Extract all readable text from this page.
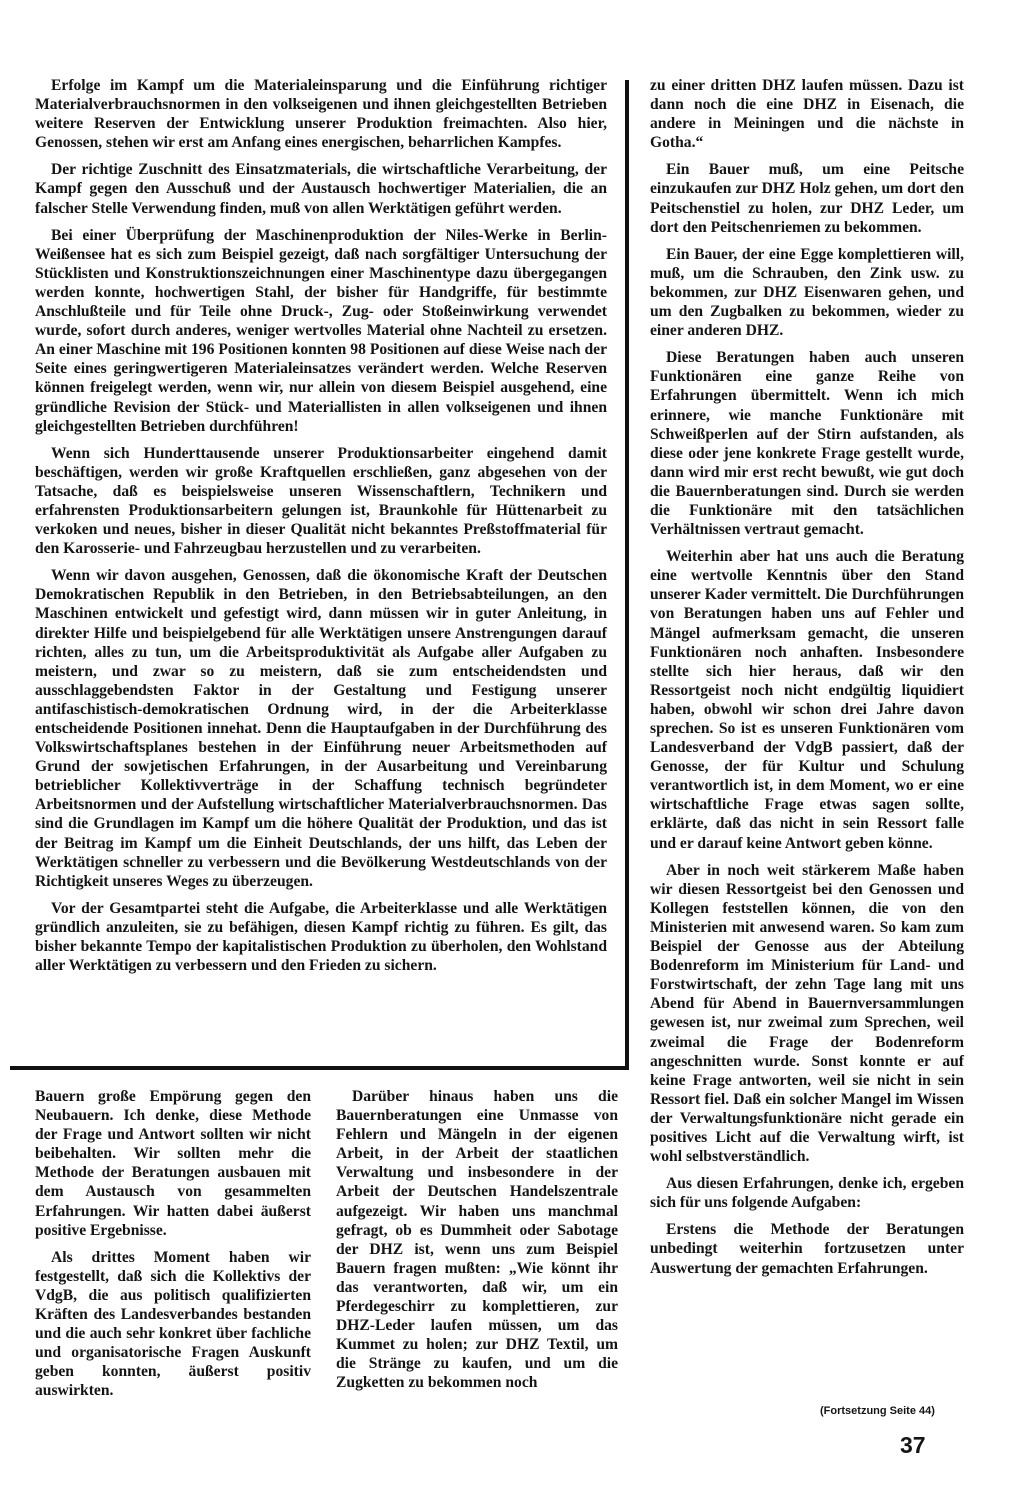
Erfolge im Kampf um die Materialeinsparung und die Einführung richtiger Materialverbrauchsnormen in den volkseigenen und ihnen gleichgestellten Betrieben weitere Reserven der Entwicklung unserer Produktion freimachten. Also hier, Genossen, stehen wir erst am Anfang eines energischen, beharrlichen Kampfes.

Der richtige Zuschnitt des Einsatzmaterials, die wirtschaftliche Verarbeitung, der Kampf gegen den Ausschuß und der Austausch hochwertiger Materialien, die an falscher Stelle Verwendung finden, muß von allen Werktätigen geführt werden.

Bei einer Überprüfung der Maschinenproduktion der Niles-Werke in Berlin-Weißensee hat es sich zum Beispiel gezeigt, daß nach sorgfältiger Untersuchung der Stücklisten und Konstruktionszeichnungen einer Maschinentype dazu übergegangen werden konnte, hochwertigen Stahl, der bisher für Handgriffe, für bestimmte Anschlußteile und für Teile ohne Druck-, Zug- oder Stoßeinwirkung verwendet wurde, sofort durch anderes, weniger wertvolles Material ohne Nachteil zu ersetzen. An einer Maschine mit 196 Positionen konnten 98 Positionen auf diese Weise nach der Seite eines geringwertigeren Materialeinsatzes verändert werden. Welche Reserven können freigelegt werden, wenn wir, nur allein von diesem Beispiel ausgehend, eine gründliche Revision der Stück- und Materiallisten in allen volkseigenen und ihnen gleichgestellten Betrieben durchführen!

Wenn sich Hunderttausende unserer Produktionsarbeiter eingehend damit beschäftigen, werden wir große Kraftquellen erschließen, ganz abgesehen von der Tatsache, daß es beispielsweise unseren Wissenschaftlern, Technikern und erfahrensten Produktionsarbeitern gelungen ist, Braunkohle für Hüttenarbeit zu verkoken und neues, bisher in dieser Qualität nicht bekanntes Preßstoffmaterial für den Karosserie- und Fahrzeugbau herzustellen und zu verarbeiten.

Wenn wir davon ausgehen, Genossen, daß die ökonomische Kraft der Deutschen Demokratischen Republik in den Betrieben, in den Betriebsabteilungen, an den Maschinen entwickelt und gefestigt wird, dann müssen wir in guter Anleitung, in direkter Hilfe und beispielgebend für alle Werktätigen unsere Anstrengungen darauf richten, alles zu tun, um die Arbeitsproduktivität als Aufgabe aller Aufgaben zu meistern, und zwar so zu meistern, daß sie zum entscheidendsten und ausschlaggebendsten Faktor in der Gestaltung und Festigung unserer antifaschistisch-demokratischen Ordnung wird, in der die Arbeiterklasse entscheidende Positionen innehat. Denn die Hauptaufgaben in der Durchführung des Volkswirtschaftsplanes bestehen in der Einführung neuer Arbeitsmethoden auf Grund der sowjetischen Erfahrungen, in der Ausarbeitung und Vereinbarung betrieblicher Kollektivverträge in der Schaffung technisch begründeter Arbeitsnormen und der Aufstellung wirtschaftlicher Materialverbrauchsnormen. Das sind die Grundlagen im Kampf um die höhere Qualität der Produktion, und das ist der Beitrag im Kampf um die Einheit Deutschlands, der uns hilft, das Leben der Werktätigen schneller zu verbessern und die Bevölkerung Westdeutschlands von der Richtigkeit unseres Weges zu überzeugen.

Vor der Gesamtpartei steht die Aufgabe, die Arbeiterklasse und alle Werktätigen gründlich anzuleiten, sie zu befähigen, diesen Kampf richtig zu führen. Es gilt, das bisher bekannte Tempo der kapitalistischen Produktion zu überholen, den Wohlstand aller Werktätigen zu verbessern und den Frieden zu sichern.

zu einer dritten DHZ laufen müssen. Dazu ist dann noch die eine DHZ in Eisenach, die andere in Meiningen und die nächste in Gotha.“

Ein Bauer muß, um eine Peitsche einzukaufen zur DHZ Holz gehen, um dort den Peitschenstiel zu holen, zur DHZ Leder, um dort den Peitschenriemen zu bekommen.

Ein Bauer, der eine Egge komplettieren will, muß, um die Schrauben, den Zink usw. zu bekommen, zur DHZ Eisenwaren gehen, und um den Zugbalken zu bekommen, wieder zu einer anderen DHZ.

Diese Beratungen haben auch unseren Funktionären eine ganze Reihe von Erfahrungen übermittelt. Wenn ich mich erinnere, wie manche Funktionäre mit Schweißperlen auf der Stirn aufstanden, als diese oder jene konkrete Frage gestellt wurde, dann wird mir erst recht bewußt, wie gut doch die Bauernberatungen sind. Durch sie werden die Funktionäre mit den tatsächlichen Verhältnissen vertraut gemacht.

Weiterhin aber hat uns auch die Beratung eine wertvolle Kenntnis über den Stand unserer Kader vermittelt. Die Durchführungen von Beratungen haben uns auf Fehler und Mängel aufmerksam gemacht, die unseren Funktionären noch anhaften. Insbesondere stellte sich hier heraus, daß wir den Ressortgeist noch nicht endgültig liquidiert haben, obwohl wir schon drei Jahre davon sprechen. So ist es unseren Funktionären vom Landesverband der VdgB passiert, daß der Genosse, der für Kultur und Schulung verantwortlich ist, in dem Moment, wo er eine wirtschaftliche Frage etwas sagen sollte, erklärte, daß das nicht in sein Ressort falle und er darauf keine Antwort geben könne.

Aber in noch weit stärkerem Maße haben wir diesen Ressortgeist bei den Genossen und Kollegen feststellen können, die von den Ministerien mit anwesend waren. So kam zum Beispiel der Genosse aus der Abteilung Bodenreform im Ministerium für Land- und Forstwirtschaft, der zehn Tage lang mit uns Abend für Abend in Bauernversammlungen gewesen ist, nur zweimal zum Sprechen, weil zweimal die Frage der Bodenreform angeschnitten wurde. Sonst konnte er auf keine Frage antworten, weil sie nicht in sein Ressort fiel. Daß ein solcher Mangel im Wissen der Verwaltungsfunktionäre nicht gerade ein positives Licht auf die Verwaltung wirft, ist wohl selbstverständlich.

Aus diesen Erfahrungen, denke ich, ergeben sich für uns folgende Aufgaben:

Erstens die Methode der Beratungen unbedingt weiterhin fortzusetzen unter Auswertung der gemachten Erfahrungen.

Bauern große Empörung gegen den Neubauern. Ich denke, diese Methode der Frage und Antwort sollten wir nicht beibehalten. Wir sollten mehr die Methode der Beratungen ausbauen mit dem Austausch von gesammelten Erfahrungen. Wir hatten dabei äußerst positive Ergebnisse.

Als drittes Moment haben wir festgestellt, daß sich die Kollektivs der VdgB, die aus politisch qualifizierten Kräften des Landesverbandes bestanden und die auch sehr konkret über fachliche und organisatorische Fragen Auskunft geben konnten, äußerst positiv auswirkten.

Darüber hinaus haben uns die Bauernberatungen eine Unmasse von Fehlern und Mängeln in der eigenen Arbeit, in der Arbeit der staatlichen Verwaltung und insbesondere in der Arbeit der Deutschen Handelszentrale aufgezeigt. Wir haben uns manchmal gefragt, ob es Dummheit oder Sabotage der DHZ ist, wenn uns zum Beispiel Bauern fragen mußten: „Wie könnt ihr das verantworten, daß wir, um ein Pferdegeschirr zu komplettieren, zur DHZ-Leder laufen müssen, um das Kummet zu holen; zur DHZ Textil, um die Stränge zu kaufen, und um die Zugketten zu bekommen noch

(Fortsetzung Seite 44)
37
